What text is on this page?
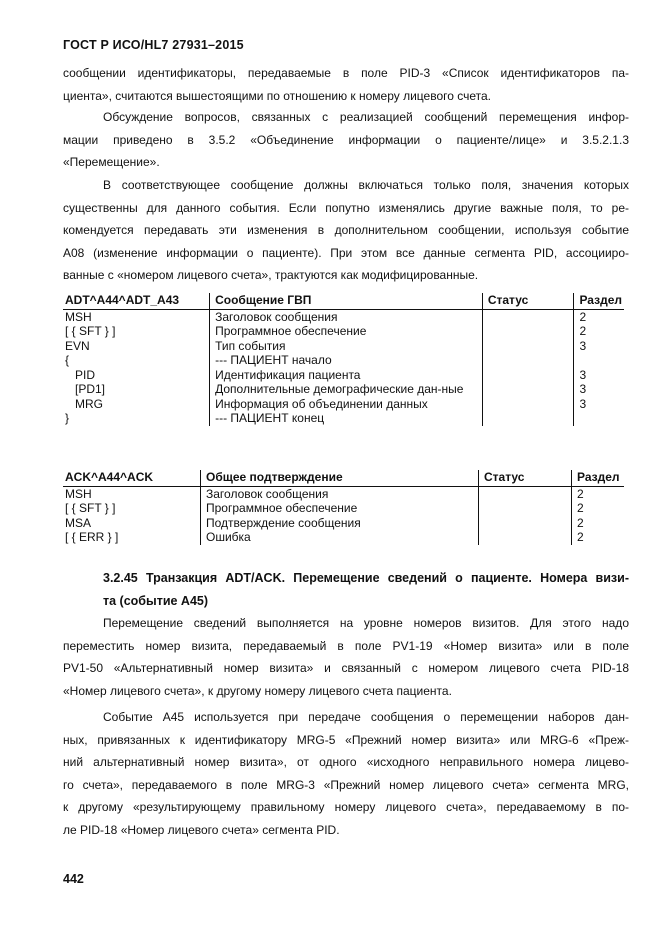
ГОСТ Р ИСО/HL7 27931–2015
сообщении идентификаторы, передаваемые в поле PID-3 «Список идентификаторов па-
циента», считаются вышестоящими по отношению к номеру лицевого счета.
Обсуждение вопросов, связанных с реализацией сообщений перемещения инфор-
мации приведено в 3.5.2 «Объединение информации о пациенте/лице» и 3.5.2.1.3
«Перемещение».
В соответствующее сообщение должны включаться только поля, значения которых
существенны для данного события. Если попутно изменялись другие важные поля, то ре-
комендуется передавать эти изменения в дополнительном сообщении, используя событие
A08 (изменение информации о пациенте). При этом все данные сегмента PID, ассоцииро-
ванные с «номером лицевого счета», трактуются как модифицированные.
ADT^A44^ADT_A43	Сообщение ГВП	Статус	Раздел
MSH	Заголовок сообщения		2
[ { SFT } ]	Программное обеспечение		2
EVN	Тип события		3
{	--- ПАЦИЕНТ начало		
PID	Идентификация пациента		3
[PD1]	Дополнительные демографические дан-ные		3
MRG	Информация об объединении данных		3
}	--- ПАЦИЕНТ конец		
ACK^A44^ACK	Общее подтверждение	Статус	Раздел
MSH	Заголовок сообщения		2
[ { SFT } ]	Программное обеспечение		2
MSA	Подтверждение сообщения		2
[ { ERR } ]	Ошибка		2
3.2.45 Транзакция ADT/ACK. Перемещение сведений о пациенте. Номера визи-
та (событие A45)
Перемещение сведений выполняется на уровне номеров визитов. Для этого надо
переместить номер визита, передаваемый в поле PV1-19 «Номер визита» или в поле
PV1-50 «Альтернативный номер визита» и связанный с номером лицевого счета PID-18
«Номер лицевого счета», к другому номеру лицевого счета пациента.
Событие A45 используется при передаче сообщения о перемещении наборов дан-
ных, привязанных к идентификатору MRG-5 «Прежний номер визита» или MRG-6 «Преж-
ний альтернативный номер визита», от одного «исходного неправильного номера лицево-
го счета», передаваемого в поле MRG-3 «Прежний номер лицевого счета» сегмента MRG,
к другому «результирующему правильному номеру лицевого счета», передаваемому в по-
ле PID-18 «Номер лицевого счета» сегмента PID.
442
